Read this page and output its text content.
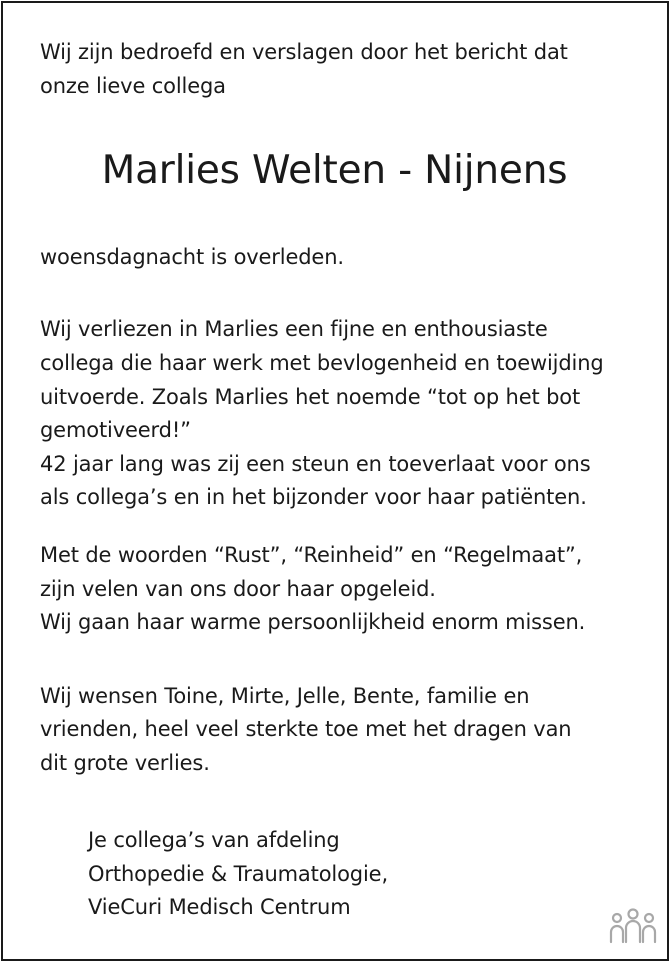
Wij zijn bedroefd en verslagen door het bericht dat
onze lieve collega
Marlies Welten - Nijnens
woensdagnacht is overleden.
Wij verliezen in Marlies een fijne en enthousiaste
collega die haar werk met bevlogenheid en toewijding
uitvoerde. Zoals Marlies het noemde “tot op het bot
gemotiveerd!”
42 jaar lang was zij een steun en toeverlaat voor ons
als collega’s en in het bijzonder voor haar patiënten.
Met de woorden “Rust”, “Reinheid” en “Regelmaat”,
zijn velen van ons door haar opgeleid.
Wij gaan haar warme persoonlijkheid enorm missen.
Wij wensen Toine, Mirte, Jelle, Bente, familie en
vrienden, heel veel sterkte toe met het dragen van
dit grote verlies.
Je collega’s van afdeling
Orthopedie & Traumatologie,
VieCuri Medisch Centrum
